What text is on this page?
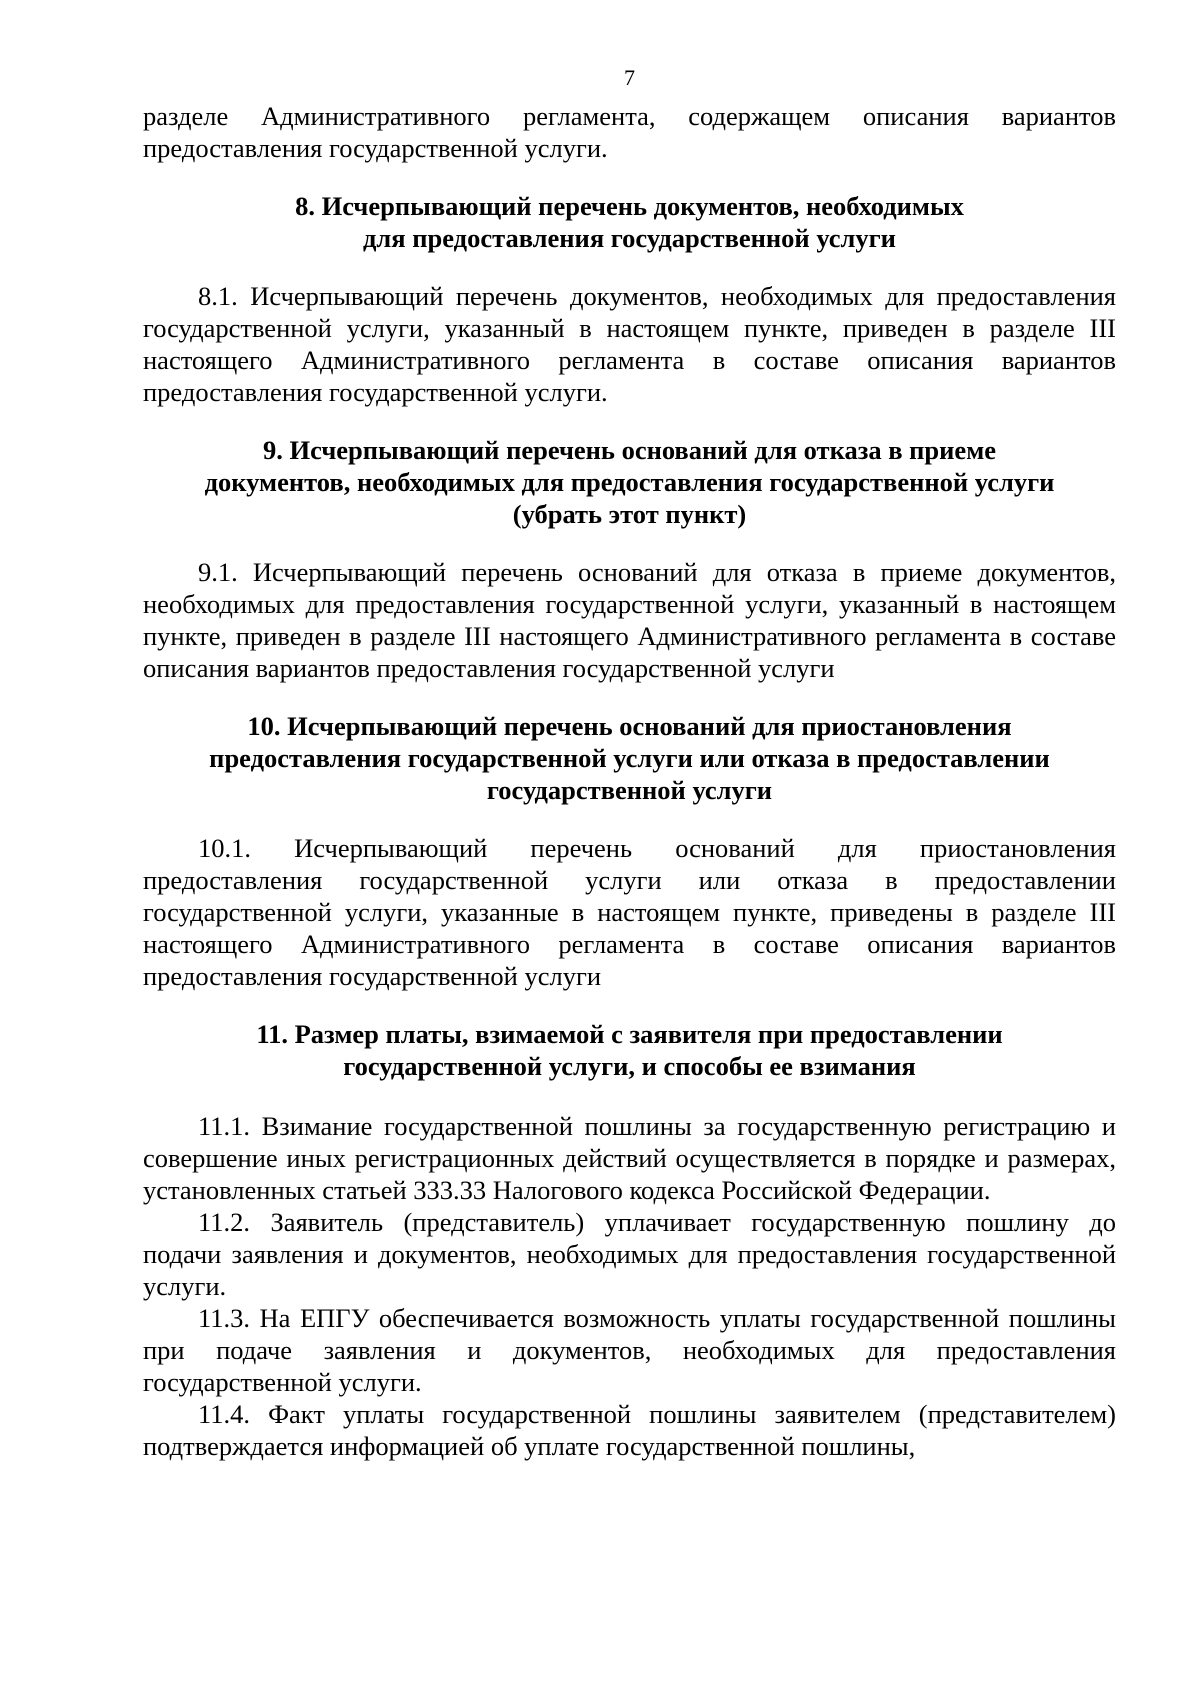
7

разделе Административного регламента, содержащем описания вариантов предоставления государственной услуги.

8. Исчерпывающий перечень документов, необходимых
для предоставления государственной услуги

8.1. Исчерпывающий перечень документов, необходимых для предоставления государственной услуги, указанный в настоящем пункте, приведен в разделе III настоящего Административного регламента в составе описания вариантов предоставления государственной услуги.

9. Исчерпывающий перечень оснований для отказа в приеме
документов, необходимых для предоставления государственной услуги
(убрать этот пункт)

9.1. Исчерпывающий перечень оснований для отказа в приеме документов, необходимых для предоставления государственной услуги, указанный в настоящем пункте, приведен в разделе III настоящего Административного регламента в составе описания вариантов предоставления государственной услуги

10. Исчерпывающий перечень оснований для приостановления
предоставления государственной услуги или отказа в предоставлении
государственной услуги

10.1. Исчерпывающий перечень оснований для приостановления предоставления государственной услуги или отказа в предоставлении государственной услуги, указанные в настоящем пункте, приведены в разделе III настоящего Административного регламента в составе описания вариантов предоставления государственной услуги

11. Размер платы, взимаемой с заявителя при предоставлении
государственной услуги, и способы ее взимания

11.1. Взимание государственной пошлины за государственную регистрацию и совершение иных регистрационных действий осуществляется в порядке и размерах, установленных статьей 333.33 Налогового кодекса Российской Федерации.

11.2. Заявитель (представитель) уплачивает государственную пошлину до подачи заявления и документов, необходимых для предоставления государственной услуги.

11.3. На ЕПГУ обеспечивается возможность уплаты государственной пошлины при подаче заявления и документов, необходимых для предоставления государственной услуги.

11.4. Факт уплаты государственной пошлины заявителем (представителем) подтверждается информацией об уплате государственной пошлины,
